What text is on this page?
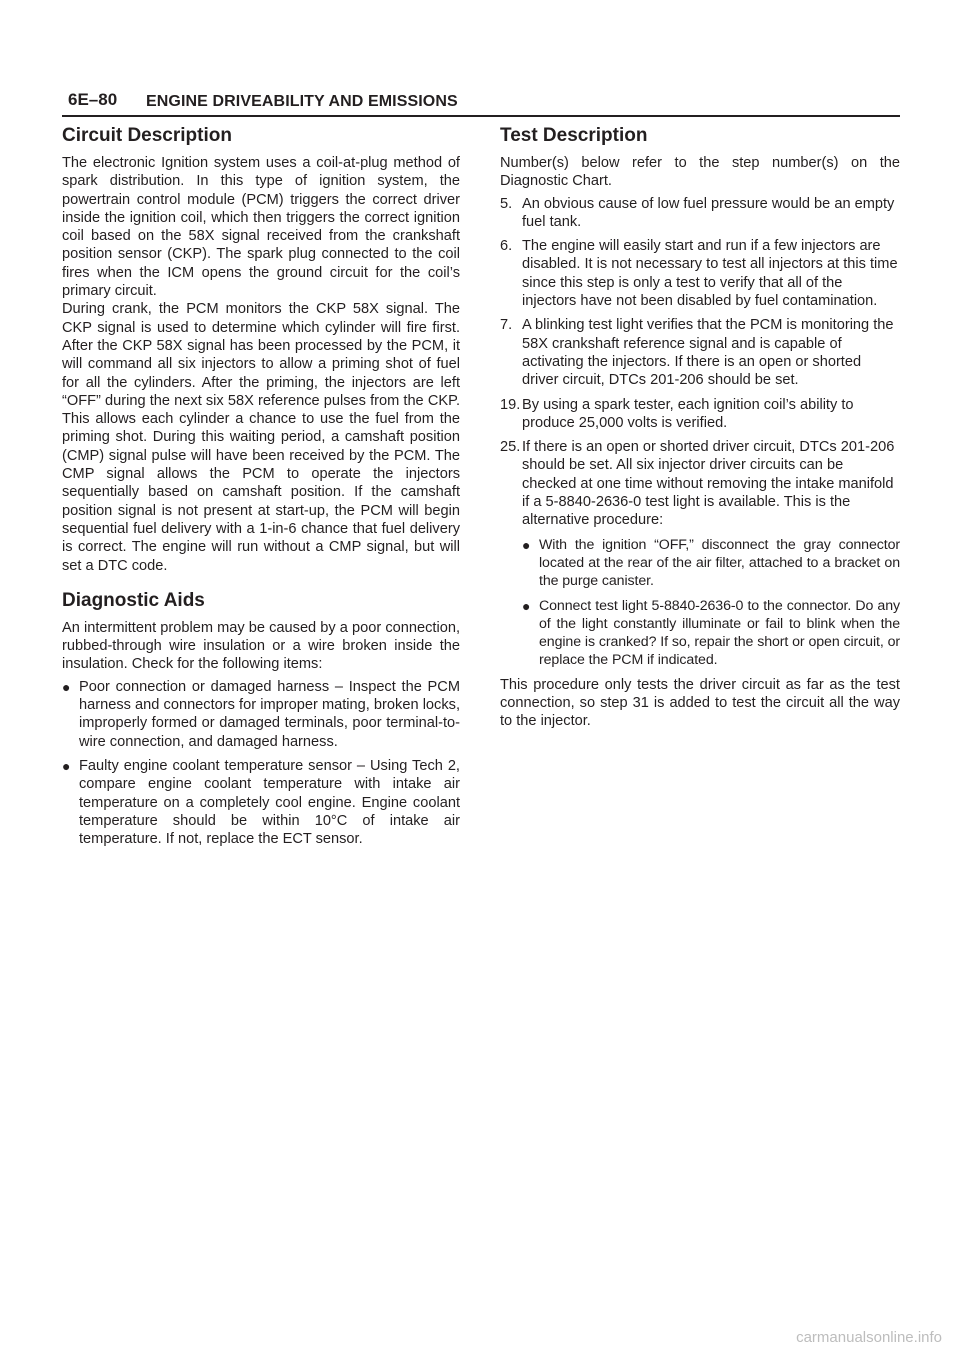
6E–80 ENGINE DRIVEABILITY AND EMISSIONS
Circuit Description

The electronic Ignition system uses a coil-at-plug method of spark distribution. In this type of ignition system, the powertrain control module (PCM) triggers the correct driver inside the ignition coil, which then triggers the correct ignition coil based on the 58X signal received from the crankshaft position sensor (CKP). The spark plug connected to the coil fires when the ICM opens the ground circuit for the coil’s primary circuit.

During crank, the PCM monitors the CKP 58X signal. The CKP signal is used to determine which cylinder will fire first. After the CKP 58X signal has been processed by the PCM, it will command all six injectors to allow a priming shot of fuel for all the cylinders. After the priming, the injectors are left “OFF” during the next six 58X reference pulses from the CKP. This allows each cylinder a chance to use the fuel from the priming shot. During this waiting period, a camshaft position (CMP) signal pulse will have been received by the PCM. The CMP signal allows the PCM to operate the injectors sequentially based on camshaft position. If the camshaft position signal is not present at start-up, the PCM will begin sequential fuel delivery with a 1-in-6 chance that fuel delivery is correct. The engine will run without a CMP signal, but will set a DTC code.

Diagnostic Aids

An intermittent problem may be caused by a poor connection, rubbed-through wire insulation or a wire broken inside the insulation. Check for the following items:

● Poor connection or damaged harness – Inspect the PCM harness and connectors for improper mating, broken locks, improperly formed or damaged terminals, poor terminal-to-wire connection, and damaged harness.
● Faulty engine coolant temperature sensor – Using Tech 2, compare engine coolant temperature with intake air temperature on a completely cool engine. Engine coolant temperature should be within 10°C of intake air temperature. If not, replace the ECT sensor.
Test Description

Number(s) below refer to the step number(s) on the Diagnostic Chart.

5. An obvious cause of low fuel pressure would be an empty fuel tank.
6. The engine will easily start and run if a few injectors are disabled. It is not necessary to test all injectors at this time since this step is only a test to verify that all of the injectors have not been disabled by fuel contamination.
7. A blinking test light verifies that the PCM is monitoring the 58X crankshaft reference signal and is capable of activating the injectors. If there is an open or shorted driver circuit, DTCs 201-206 should be set.
19. By using a spark tester, each ignition coil’s ability to produce 25,000 volts is verified.
25. If there is an open or shorted driver circuit, DTCs 201-206 should be set. All six injector driver circuits can be checked at one time without removing the intake manifold if a 5-8840-2636-0 test light is available. This is the alternative procedure:
● With the ignition “OFF,” disconnect the gray connector located at the rear of the air filter, attached to a bracket on the purge canister.
● Connect test light 5-8840-2636-0 to the connector. Do any of the light constantly illuminate or fail to blink when the engine is cranked? If so, repair the short or open circuit, or replace the PCM if indicated.

This procedure only tests the driver circuit as far as the test connection, so step 31 is added to test the circuit all the way to the injector.

carmanualsonline.info
